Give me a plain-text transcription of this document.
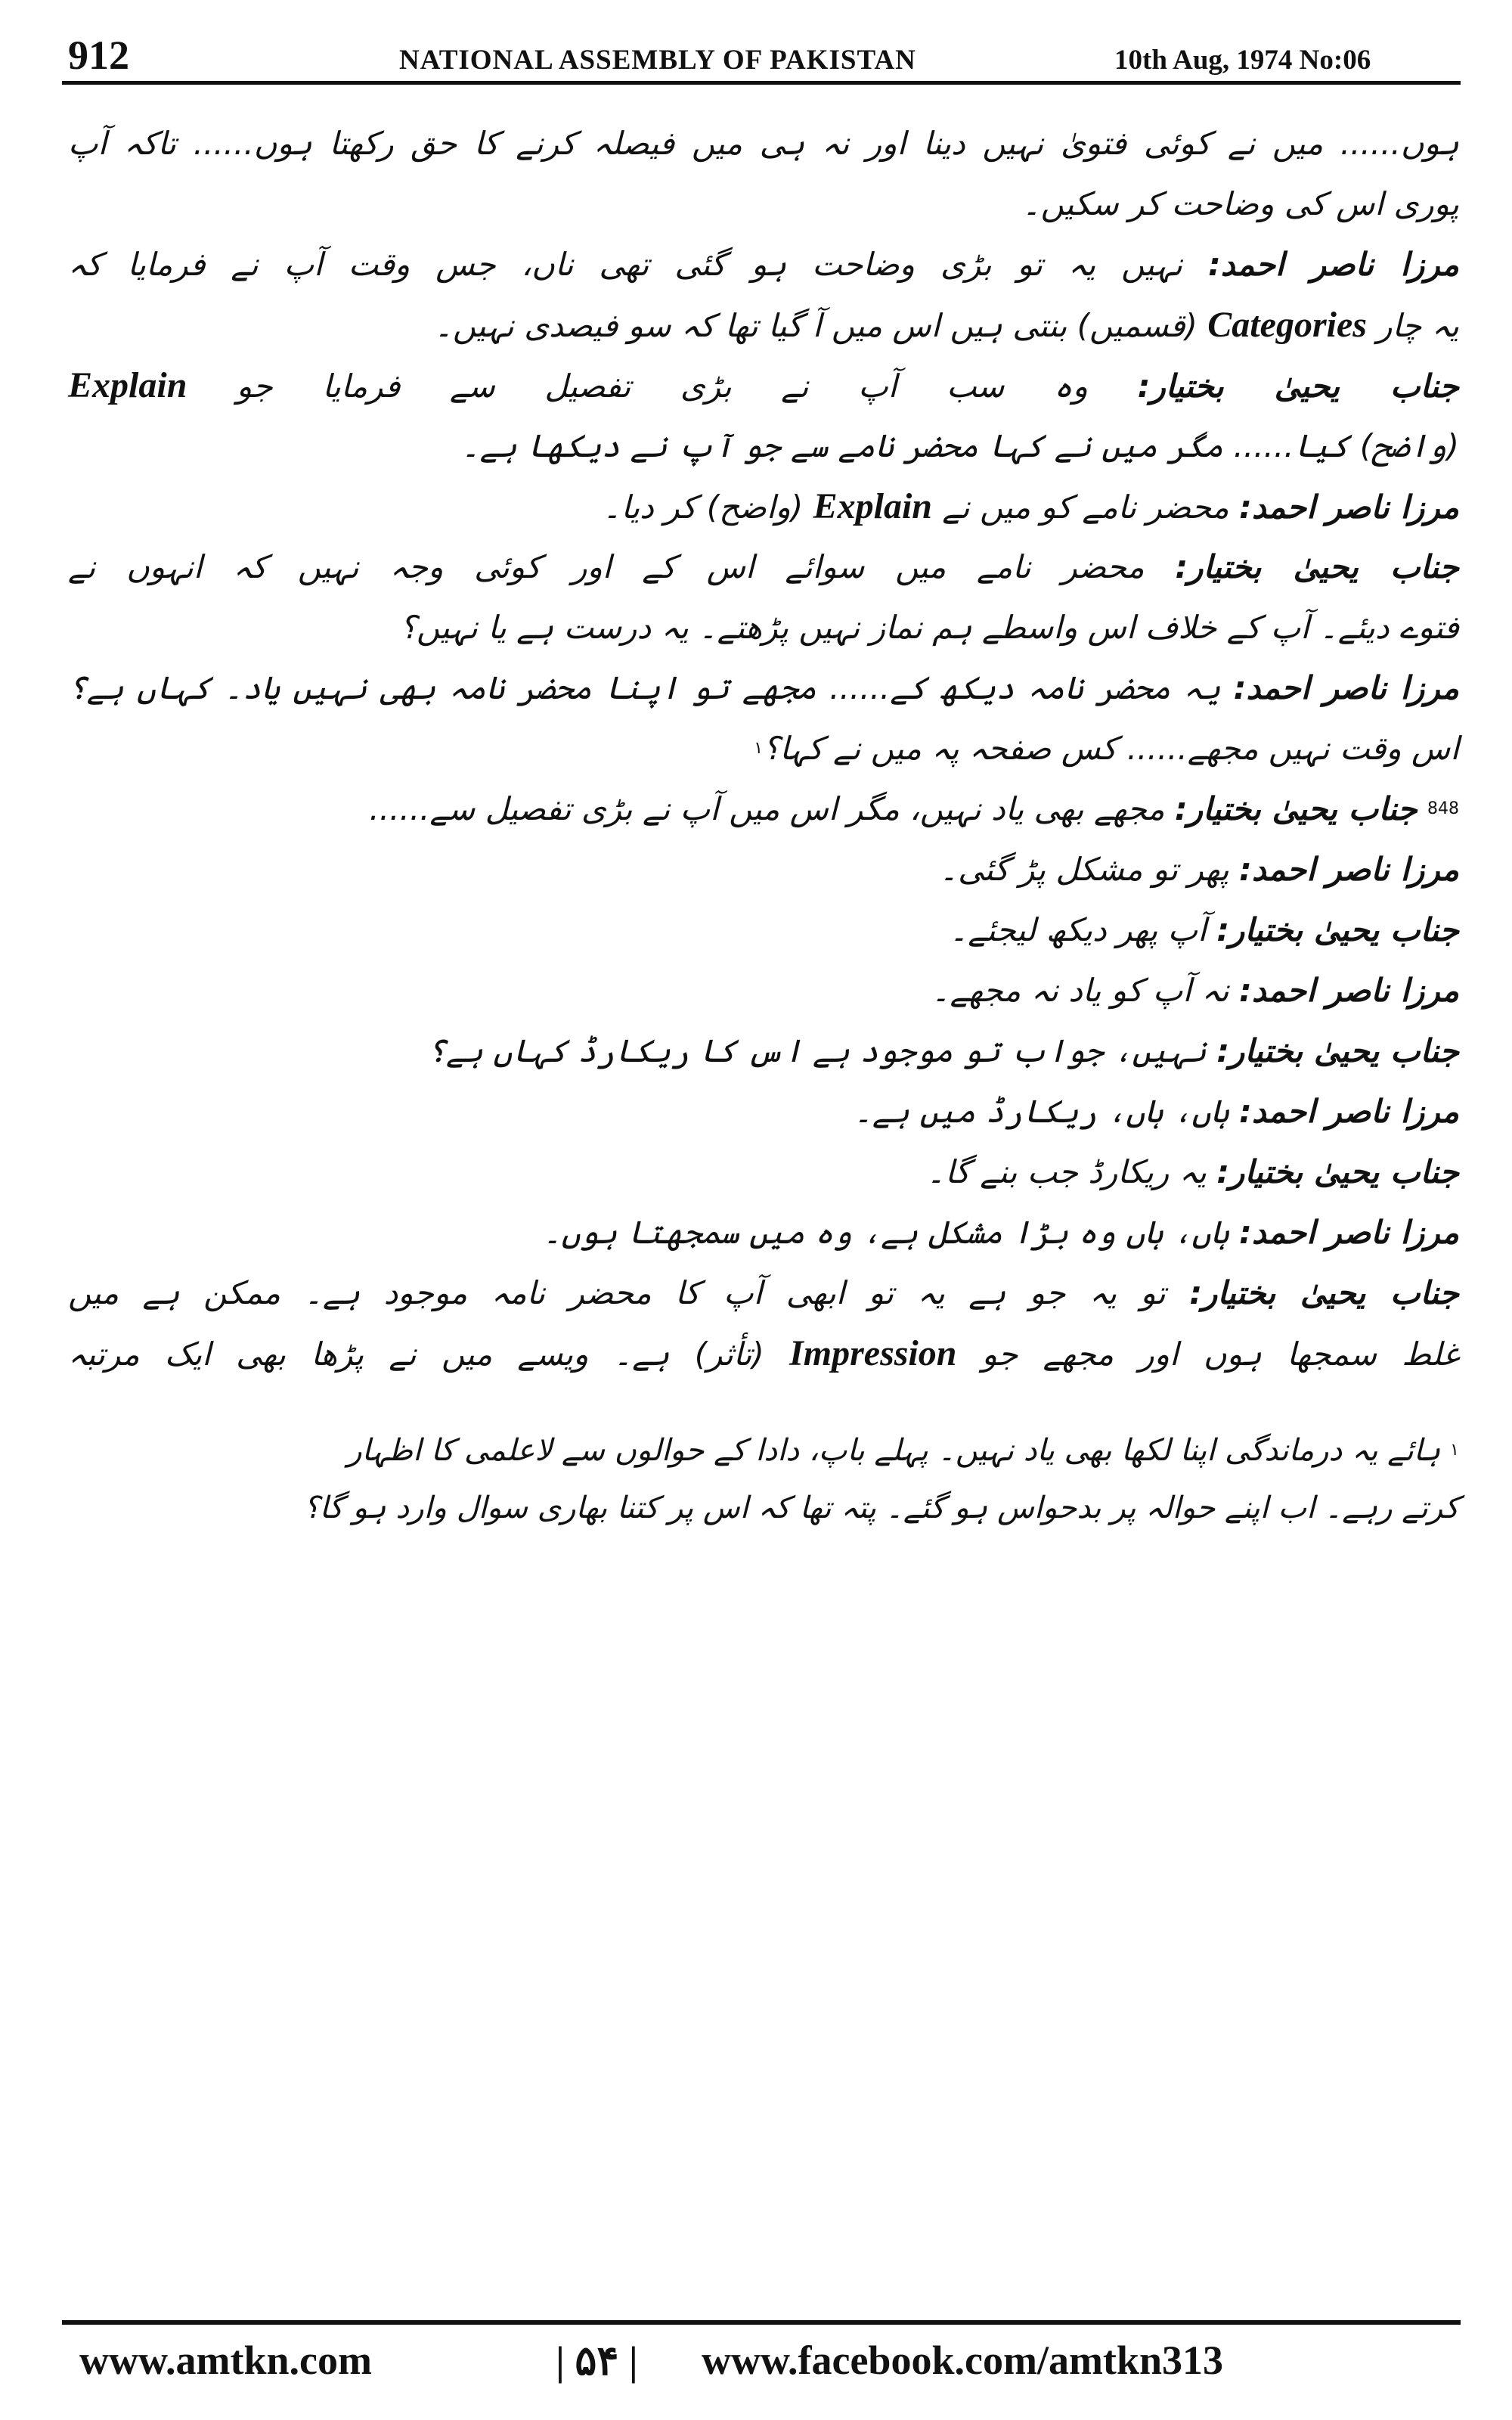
912	NATIONAL ASSEMBLY OF PAKISTAN	10th Aug, 1974 No:06
ہوں...... میں نے کوئی فتویٰ نہیں دینا اور نہ ہی میں فیصلہ کرنے کا حق رکھتا ہوں...... تاکہ آپ
پوری اس کی وضاحت کر سکیں۔
مرزا ناصر احمد: نہیں یہ تو بڑی وضاحت ہو گئی تھی ناں، جس وقت آپ نے فرمایا کہ
یہ چار Categories (قسمیں) بنتی ہیں اس میں آ گیا تھا کہ سو فیصدی نہیں۔
جناب یحییٰ بختیار: وہ سب آپ نے بڑی تفصیل سے فرمایا جو Explain
(واضح) کیا...... مگر میں نے کہا محضر نامے سے جو آپ نے دیکھا ہے۔
مرزا ناصر احمد: محضر نامے کو میں نے Explain (واضح) کر دیا۔
جناب یحییٰ بختیار: محضر نامے میں سوائے اس کے اور کوئی وجہ نہیں کہ انہوں نے
فتوے دیئے۔ آپ کے خلاف اس واسطے ہم نماز نہیں پڑھتے۔ یہ درست ہے یا نہیں؟
مرزا ناصر احمد: یہ محضر نامہ دیکھ کے...... مجھے تو اپنا محضر نامہ بھی نہیں یاد۔ کہاں ہے؟
اس وقت نہیں مجھے...... کس صفحہ پہ میں نے کہا؟$^۱$
$^{848}$ جناب یحییٰ بختیار: مجھے بھی یاد نہیں، مگر اس میں آپ نے بڑی تفصیل سے......
مرزا ناصر احمد: پھر تو مشکل پڑ گئی۔
جناب یحییٰ بختیار: آپ پھر دیکھ لیجئے۔
مرزا ناصر احمد: نہ آپ کو یاد نہ مجھے۔
جناب یحییٰ بختیار: نہیں، جواب تو موجود ہے اس کا ریکارڈ کہاں ہے؟
مرزا ناصر احمد: ہاں، ہاں، ریکارڈ میں ہے۔
جناب یحییٰ بختیار: یہ ریکارڈ جب بنے گا۔
مرزا ناصر احمد: ہاں، ہاں وہ بڑا مشکل ہے، وہ میں سمجھتا ہوں۔
جناب یحییٰ بختیار: تو یہ جو ہے یہ تو ابھی آپ کا محضر نامہ موجود ہے۔ ممکن ہے میں
غلط سمجھا ہوں اور مجھے جو Impression (تأثر) ہے۔ ویسے میں نے پڑھا بھی ایک مرتبہ
$^۱$ ہائے یہ درماندگی اپنا لکھا بھی یاد نہیں۔ پہلے باپ، دادا کے حوالوں سے لاعلمی کا اظہار
کرتے رہے۔ اب اپنے حوالہ پر بدحواس ہو گئے۔ پتہ تھا کہ اس پر کتنا بھاری سوال وارد ہو گا؟
www.amtkn.com	| ۵۴ | www.facebook.com/amtkn313
